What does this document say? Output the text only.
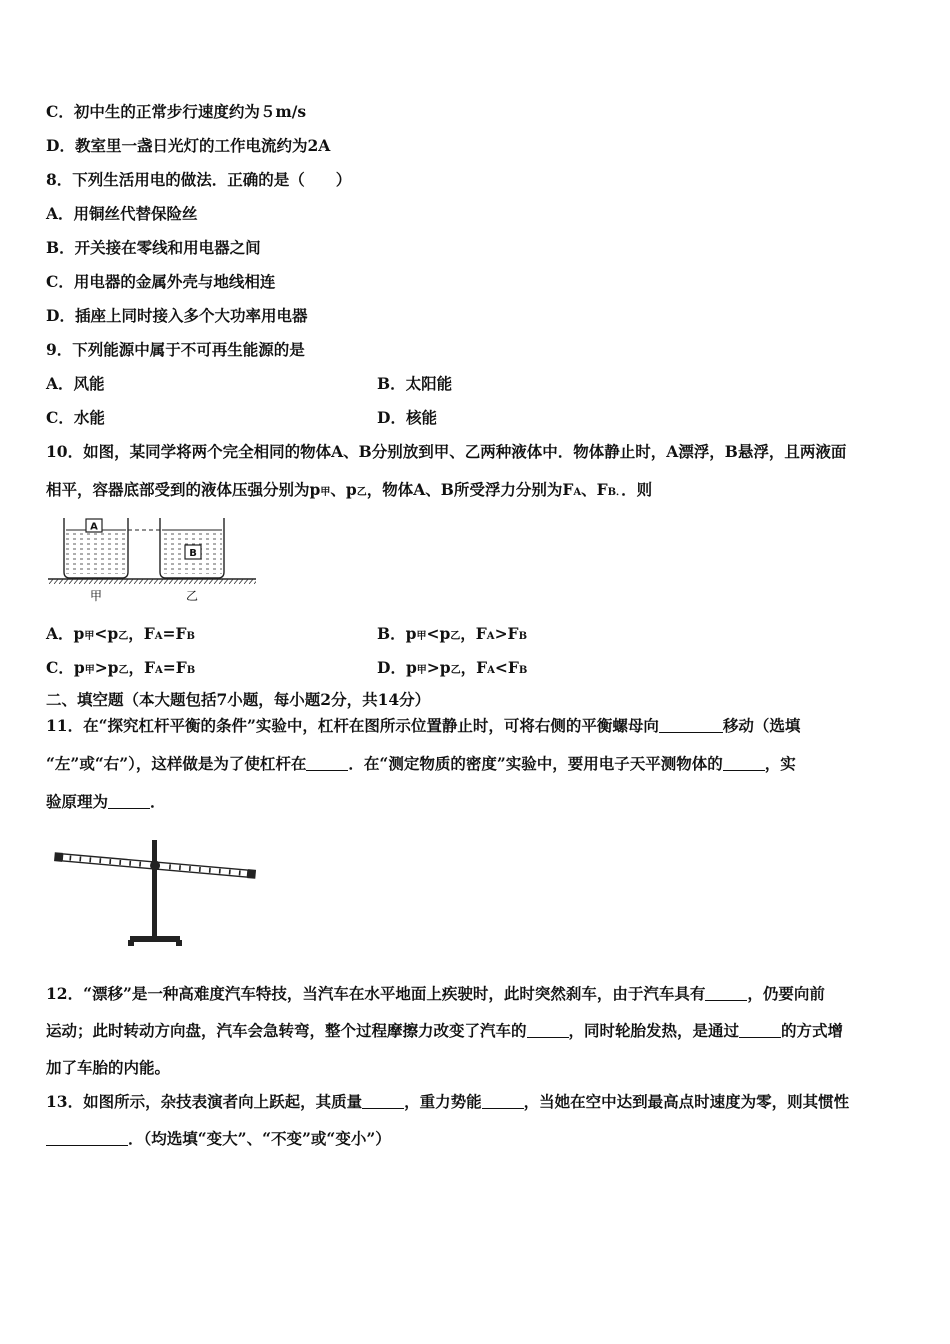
C．初中生的正常步行速度约为５m/s
D．教室里一盏日光灯的工作电流约为2A
8．下列生活用电的做法．正确的是（　　）
A．用铜丝代替保险丝
B．开关接在零线和用电器之间
C．用电器的金属外壳与地线相连
D．插座上同时接入多个大功率用电器
9．下列能源中属于不可再生能源的是
A．风能	B．太阳能
C．水能	D．核能
10．如图，某同学将两个完全相同的物体A、B分别放到甲、乙两种液体中．物体静止时，A漂浮，B悬浮，且两液面
相平，容器底部受到的液体压强分别为p甲、p乙，物体A、B所受浮力分别为FA、FB．．则
A
B
甲	乙
A．p甲<p乙，FA=FB	B．p甲<p乙，FA>FB
C．p甲>p乙，FA=FB	D．p甲>p乙，FA<FB
二、填空题（本大题包括7小题，每小题2分，共14分）
11．在“探究杠杆平衡的条件”实验中，杠杆在图所示位置静止时，可将右侧的平衡螺母向	移动（选填
“左”或“右”），这样做是为了使杠杆在	．在“测定物质的密度”实验中，要用电子天平测物体的	，实
验原理为	．
12．“漂移”是一种高难度汽车特技，当汽车在水平地面上疾驶时，此时突然刹车，由于汽车具有	，仍要向前
运动；此时转动方向盘，汽车会急转弯，整个过程摩擦力改变了汽车的	，同时轮胎发热，是通过	的方式增
加了车胎的内能。
13．如图所示，杂技表演者向上跃起，其质量	，重力势能	，当她在空中达到最高点时速度为零，则其惯性
．（均选填“变大”、“不变”或“变小”）
